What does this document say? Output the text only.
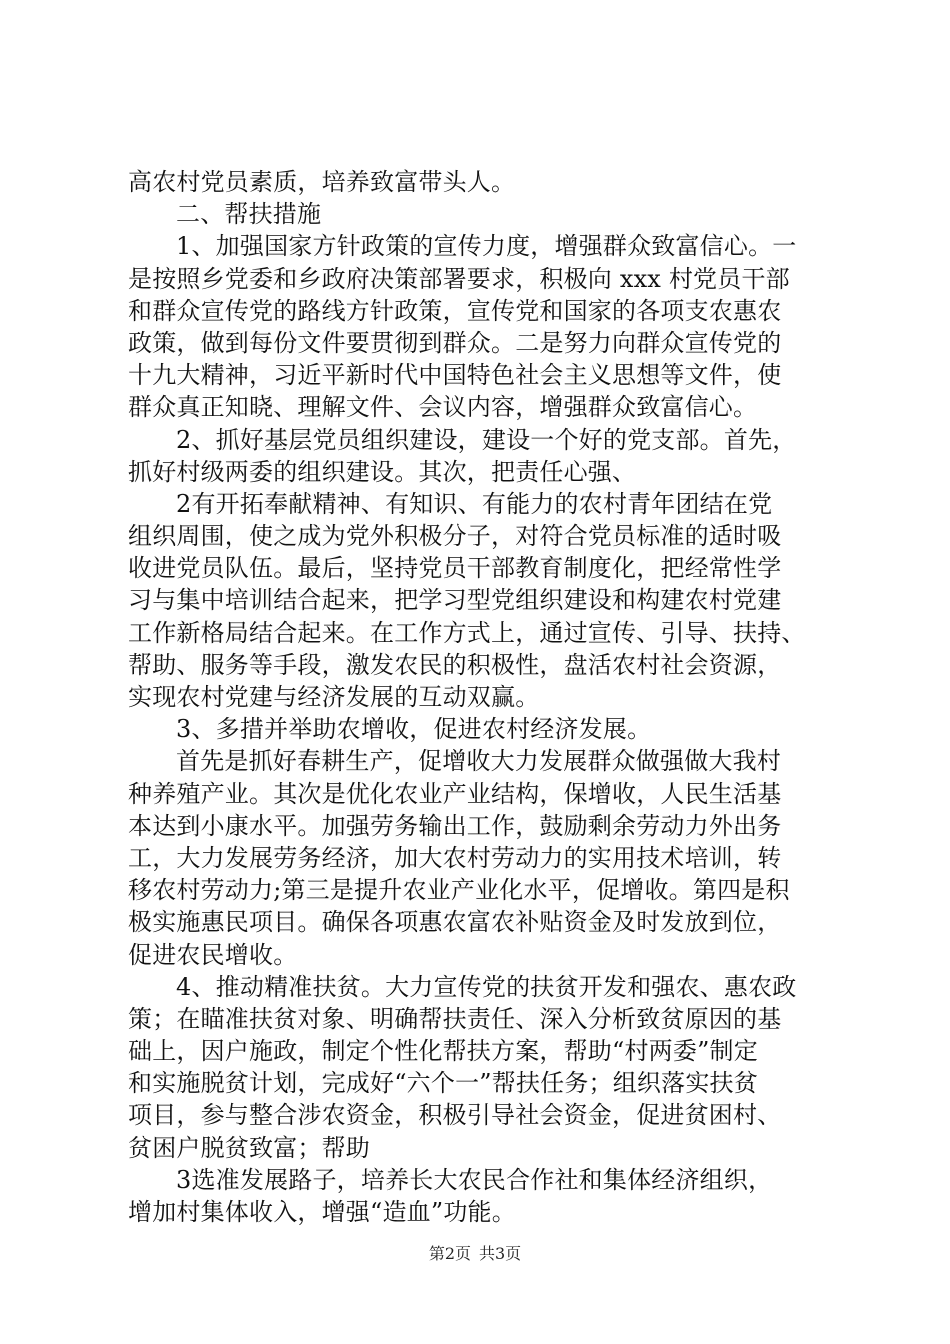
高农村党员素质，培养致富带头人。
二、帮扶措施
1、加强国家方针政策的宣传力度，增强群众致富信心。一
是按照乡党委和乡政府决策部署要求，积极向 xxx 村党员干部
和群众宣传党的路线方针政策，宣传党和国家的各项支农惠农
政策，做到每份文件要贯彻到群众。二是努力向群众宣传党的
十九大精神，习近平新时代中国特色社会主义思想等文件，使
群众真正知晓、理解文件、会议内容，增强群众致富信心。
2、抓好基层党员组织建设，建设一个好的党支部。首先，
抓好村级两委的组织建设。其次，把责任心强、
2有开拓奉献精神、有知识、有能力的农村青年团结在党
组织周围，使之成为党外积极分子，对符合党员标准的适时吸
收进党员队伍。最后，坚持党员干部教育制度化，把经常性学
习与集中培训结合起来，把学习型党组织建设和构建农村党建
工作新格局结合起来。在工作方式上，通过宣传、引导、扶持、
帮助、服务等手段，激发农民的积极性，盘活农村社会资源，
实现农村党建与经济发展的互动双赢。
3、多措并举助农增收，促进农村经济发展。
首先是抓好春耕生产，促增收大力发展群众做强做大我村
种养殖产业。其次是优化农业产业结构，保增收，人民生活基
本达到小康水平。加强劳务输出工作，鼓励剩余劳动力外出务
工，大力发展劳务经济，加大农村劳动力的实用技术培训，转
移农村劳动力;第三是提升农业产业化水平，促增收。第四是积
极实施惠民项目。确保各项惠农富农补贴资金及时发放到位，
促进农民增收。
4、推动精准扶贫。大力宣传党的扶贫开发和强农、惠农政
策；在瞄准扶贫对象、明确帮扶责任、深入分析致贫原因的基
础上，因户施政，制定个性化帮扶方案，帮助“村两委”制定
和实施脱贫计划，完成好“六个一”帮扶任务；组织落实扶贫
项目，参与整合涉农资金，积极引导社会资金，促进贫困村、
贫困户脱贫致富；帮助
3选准发展路子，培养长大农民合作社和集体经济组织，
增加村集体收入，增强“造血”功能。
第2页 共3页
